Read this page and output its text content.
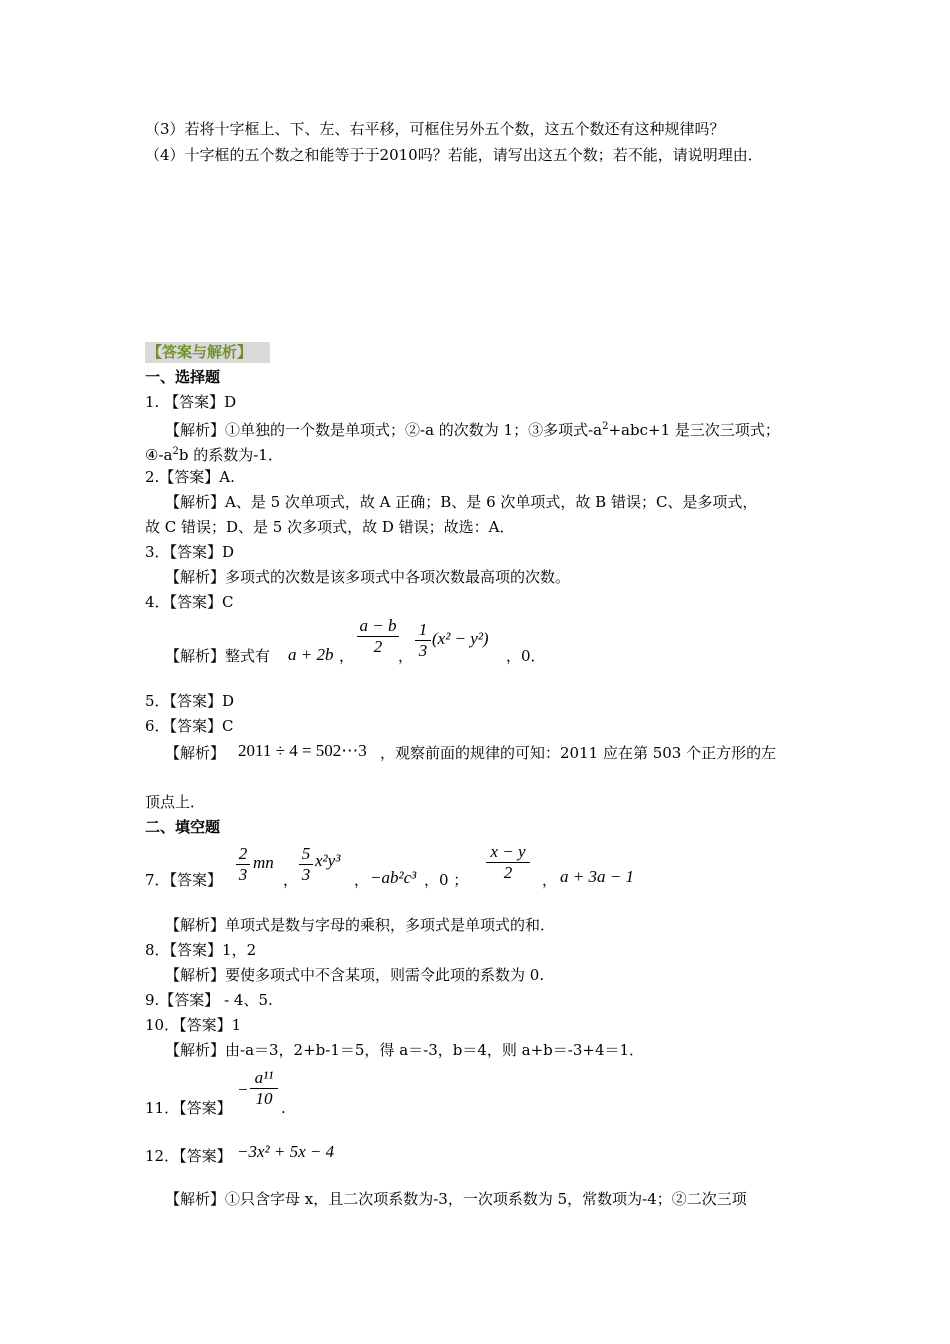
（3）若将十字框上、下、左、右平移，可框住另外五个数，这五个数还有这种规律吗？
（4）十字框的五个数之和能等于于2010吗？若能，请写出这五个数；若不能，请说明理由．
【答案与解析】
一、选择题
1. 【答案】D
【解析】①单独的一个数是单项式；②-a 的次数为 1；③多项式$-a^2+abc+1$ 是三次三项式；
$④-a^2b$ 的系数为-1．
2.【答案】A.
【解析】A、是 5 次单项式，故 A 正确；B、是 6 次单项式，故 B 错误；C、是多项式，
故 C 错误；D、是 5 次多项式，故 D 错误；故选：A．
3．【答案】D
【解析】多项式的次数是该多项式中各项次数最高项的次数。
4．【答案】C
【解析】整式有 a + 2b ， $\frac{a - b}{2}$ ， $\frac{1}{3} (x^2 - y^2)$
，0．
5．【答案】D
6．【答案】C
【解析】 2011 ÷ 4 = 502⋯3 ，观察前面的规律的可知：2011 应在第 503 个正方形的左
顶点上．
二、填空题
7．【答案】 $\frac{2}{3}$ mn
， $\frac{5}{3} x^2y^3$
， −ab²c³ ，0 ； $\frac{x - y}{2}$ ， a + 3a − 1
【解析】单项式是数与字母的乘积，多项式是单项式的和．
8．【答案】1，2
【解析】要使多项式中不含某项，则需令此项的系数为 0.
9.【答案】 - 4、5.
10．【答案】1
【解析】由-a＝3，2+b-1＝5，得 a＝-3，b＝4，则 a+b＝-3+4＝1．
11．【答案】
− $\frac{\text{a¹¹}}{10}$ .
12．【答案】 −3x² + 5x − 4
【解析】①只含字母 x，且二次项系数为-3，一次项系数为 5，常数项为-4；②二次三项
